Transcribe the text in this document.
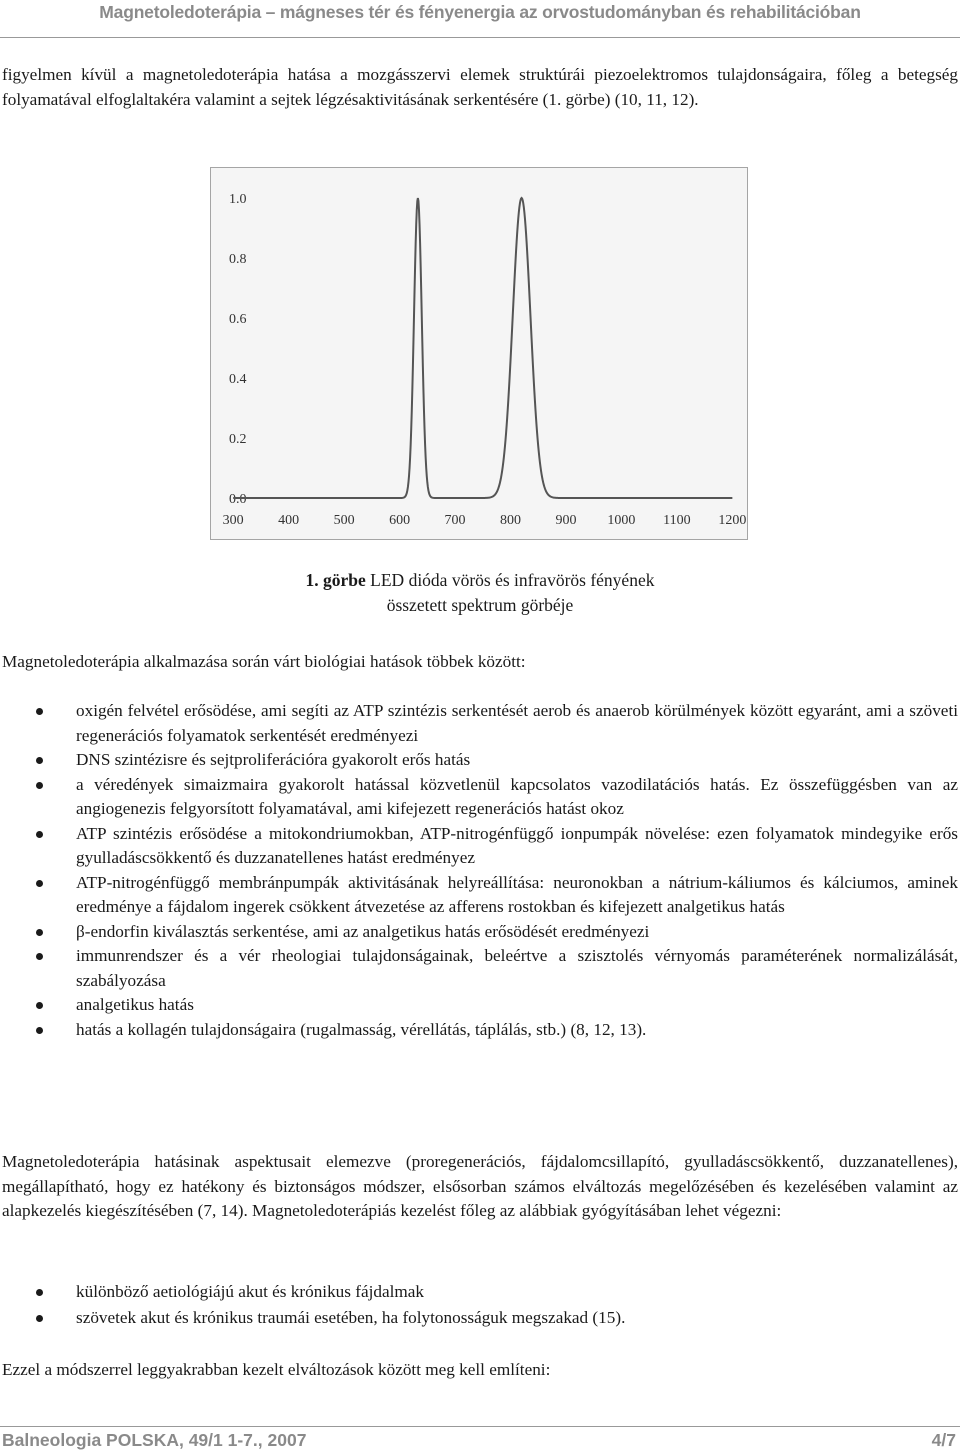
Magnetoledoterápia – mágneses tér és fényenergia az orvostudományban és rehabilitációban
figyelmen kívül a magnetoledoterápia hatása a mozgásszervi elemek struktúrái piezoelektromos tulajdonságaira, főleg a betegség folyamatával elfoglaltakéra valamint a sejtek légzésaktivitásának serkentésére (1. görbe) (10, 11, 12).
1.0
0.8
0.6
0.4
0.2
0.0
300 400 500 600 700 800 900 1000 1100 1200
1. görbe LED dióda vörös és infravörös fényének
összetett spektrum görbéje
Magnetoledoterápia alkalmazása során várt biológiai hatások többek között:
oxigén felvétel erősödése, ami segíti az ATP szintézis serkentését aerob és anaerob körülmények között egyaránt, ami a szöveti regenerációs folyamatok serkentését eredményezi
DNS szintézisre és sejtproliferációra gyakorolt erős hatás
a véredények simaizmaira gyakorolt hatással közvetlenül kapcsolatos vazodilatációs hatás. Ez összefüggésben van az angiogenezis felgyorsított folyamatával, ami kifejezett regenerációs hatást okoz
ATP szintézis erősödése a mitokondriumokban, ATP-nitrogénfüggő ionpumpák növelése: ezen folyamatok mindegyike erős gyulladáscsökkentő és duzzanatellenes hatást eredményez
ATP-nitrogénfüggő membránpumpák aktivitásának helyreállítása: neuronokban a nátrium-káliumos és kálciumos, aminek eredménye a fájdalom ingerek csökkent átvezetése az afferens rostokban és kifejezett analgetikus hatás
β-endorfin kiválasztás serkentése, ami az analgetikus hatás erősödését eredményezi
immunrendszer és a vér rheologiai tulajdonságainak, beleértve a szisztolés vérnyomás paraméterének normalizálását, szabályozása
analgetikus hatás
hatás a kollagén tulajdonságaira (rugalmasság, vérellátás, táplálás, stb.) (8, 12, 13).
Magnetoledoterápia hatásinak aspektusait elemezve (proregenerációs, fájdalomcsillapító, gyulladáscsökkentő, duzzanatellenes), megállapítható, hogy ez hatékony és biztonságos módszer, elsősorban számos elváltozás megelőzésében és kezelésében valamint az alapkezelés kiegészítésében (7, 14). Magnetoledoterápiás kezelést főleg az alábbiak gyógyításában lehet végezni:
különböző aetiológiájú akut és krónikus fájdalmak
szövetek akut és krónikus traumái esetében, ha folytonosságuk megszakad (15).
Ezzel a módszerrel leggyakrabban kezelt elváltozások között meg kell említeni:
Balneologia POLSKA, 49/1 1-7., 2007	4/7
